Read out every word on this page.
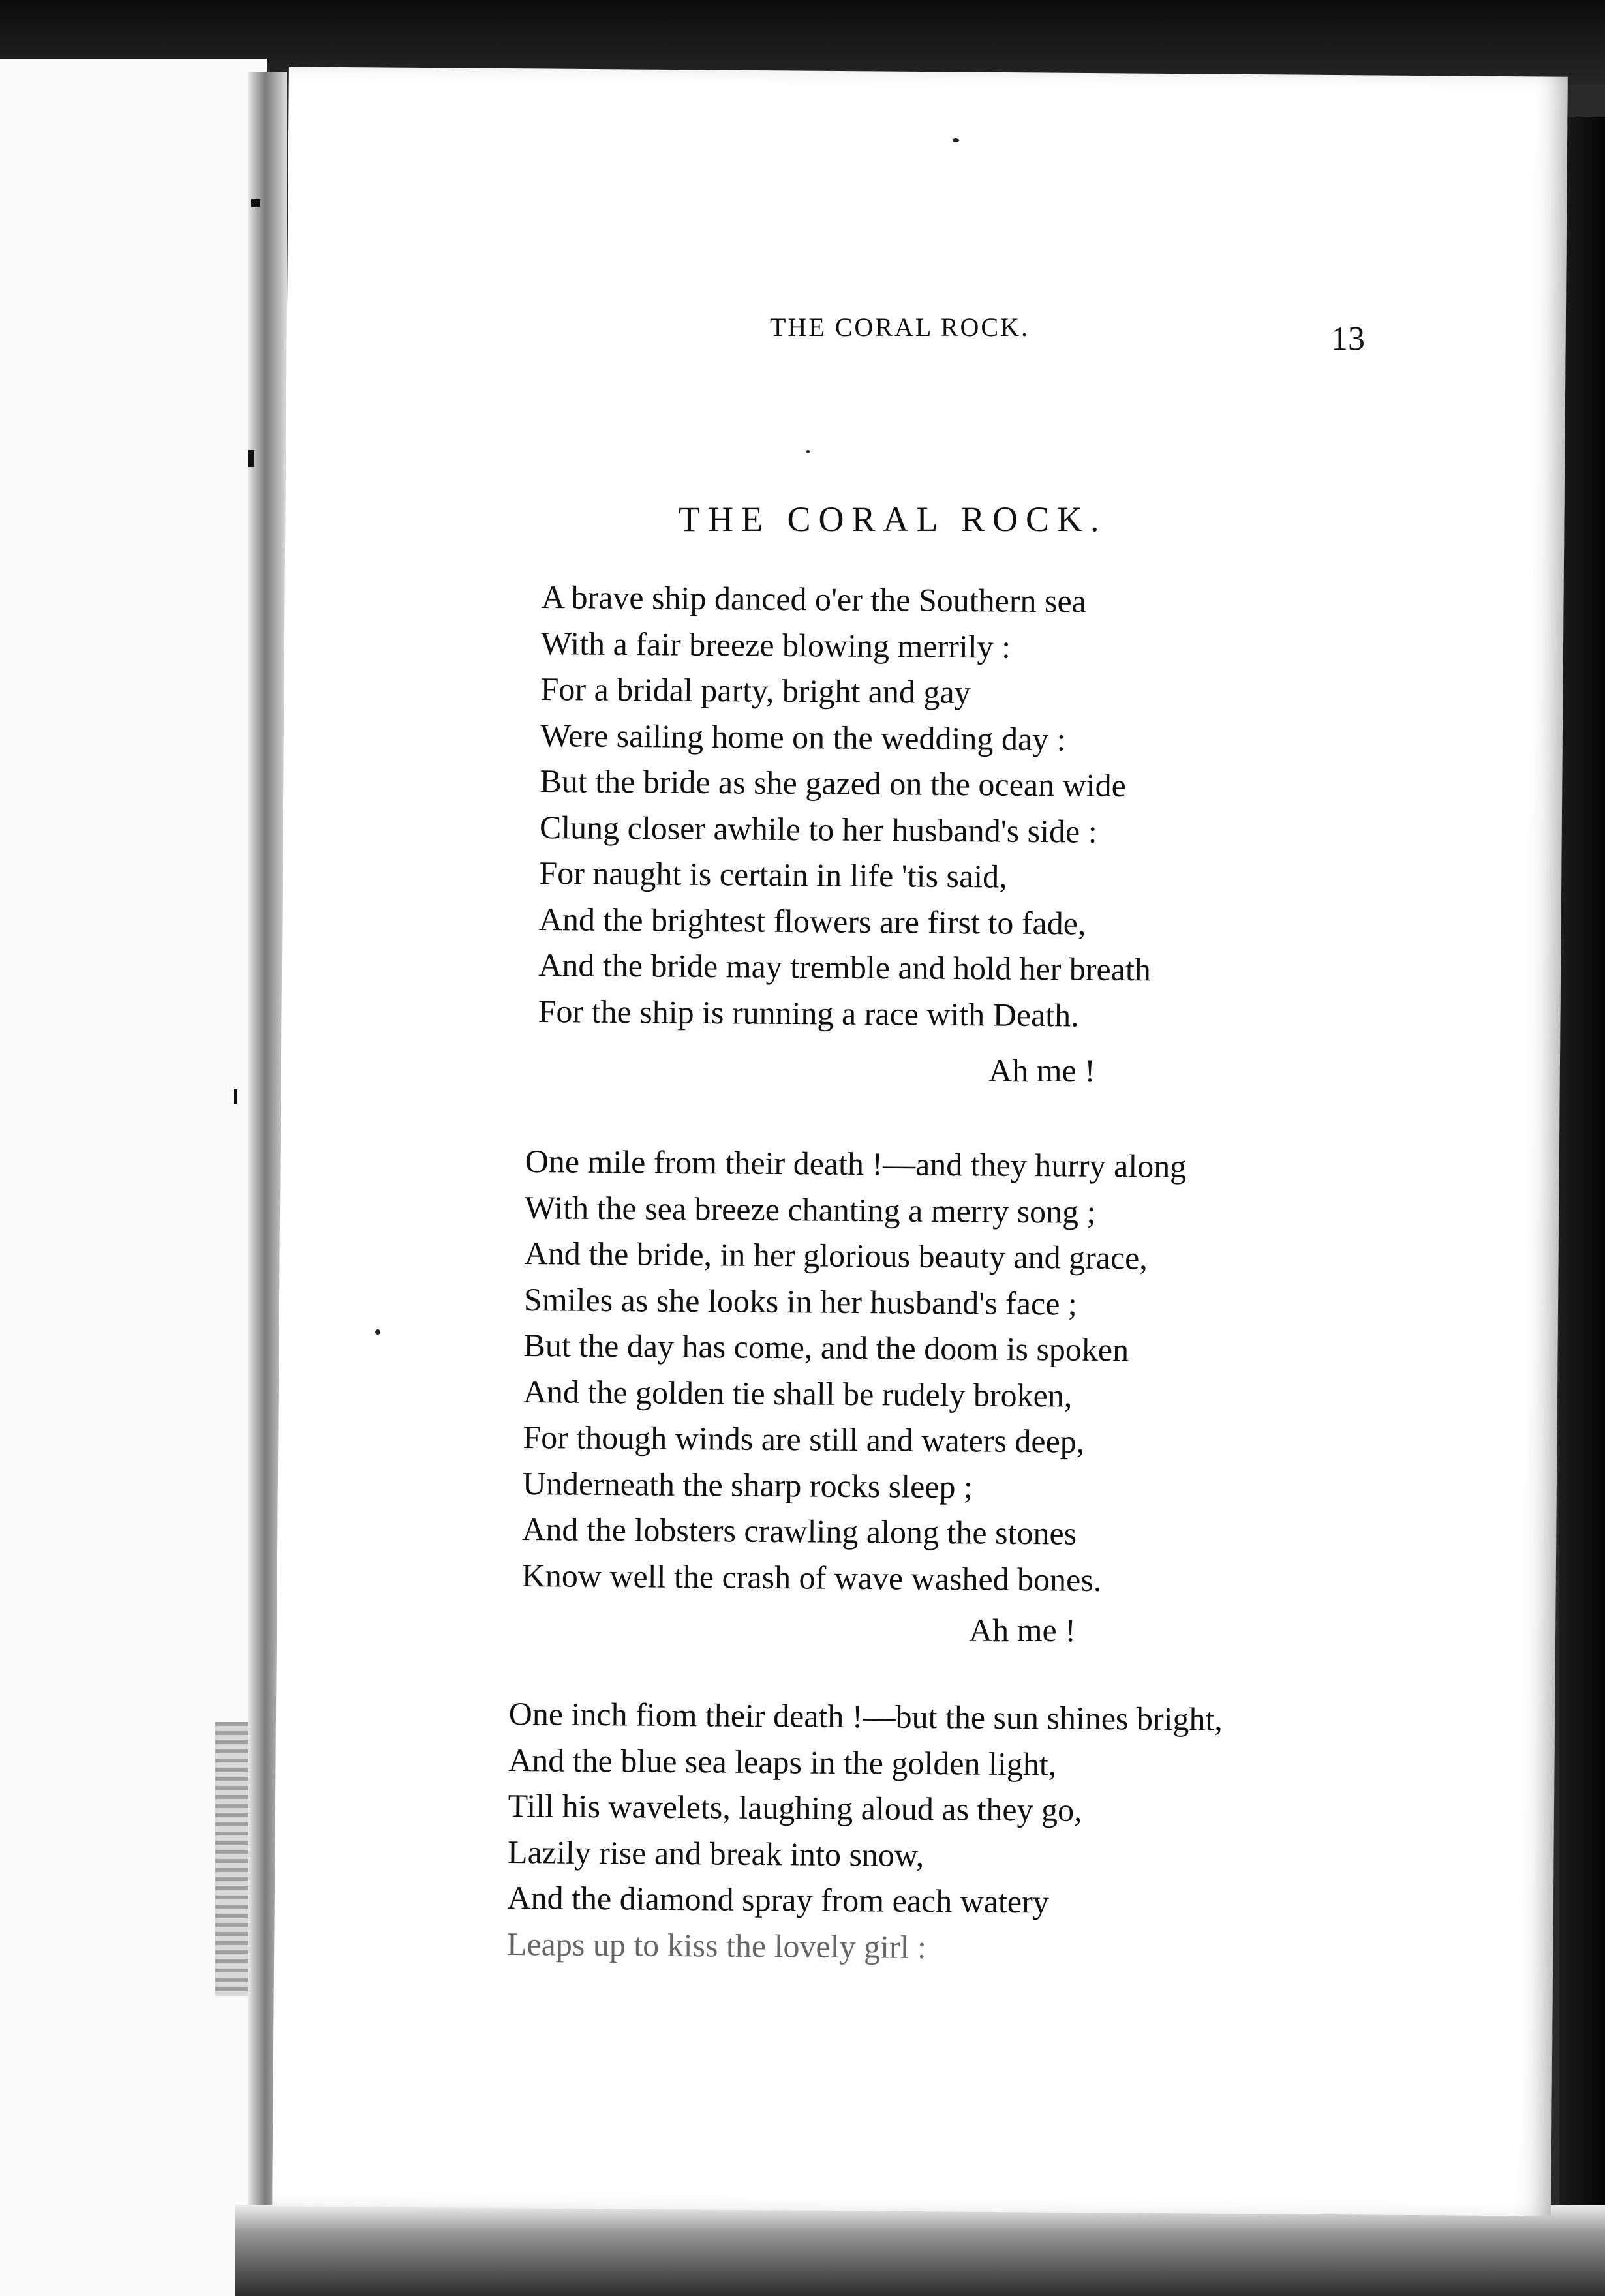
THE CORAL ROCK.	13
THE CORAL ROCK.
A brave ship danced o'er the Southern sea
With a fair breeze blowing merrily :
For a bridal party, bright and gay
Were sailing home on the wedding day :
But the bride as she gazed on the ocean wide
Clung closer awhile to her husband's side :
For naught is certain in life 'tis said,
And the brightest flowers are first to fade,
And the bride may tremble and hold her breath
For the ship is running a race with Death.
Ah me !
One mile from their death !—and they hurry along
With the sea breeze chanting a merry song ;
And the bride, in her glorious beauty and grace,
Smiles as she looks in her husband's face ;
But the day has come, and the doom is spoken
And the golden tie shall be rudely broken,
For though winds are still and waters deep,
Underneath the sharp rocks sleep ;
And the lobsters crawling along the stones
Know well the crash of wave washed bones.
Ah me !
One inch fiom their death !—but the sun shines bright,
And the blue sea leaps in the golden light,
Till his wavelets, laughing aloud as they go,
Lazily rise and break into snow,
And the diamond spray from each watery
Leaps up to kiss the lovely girl :
